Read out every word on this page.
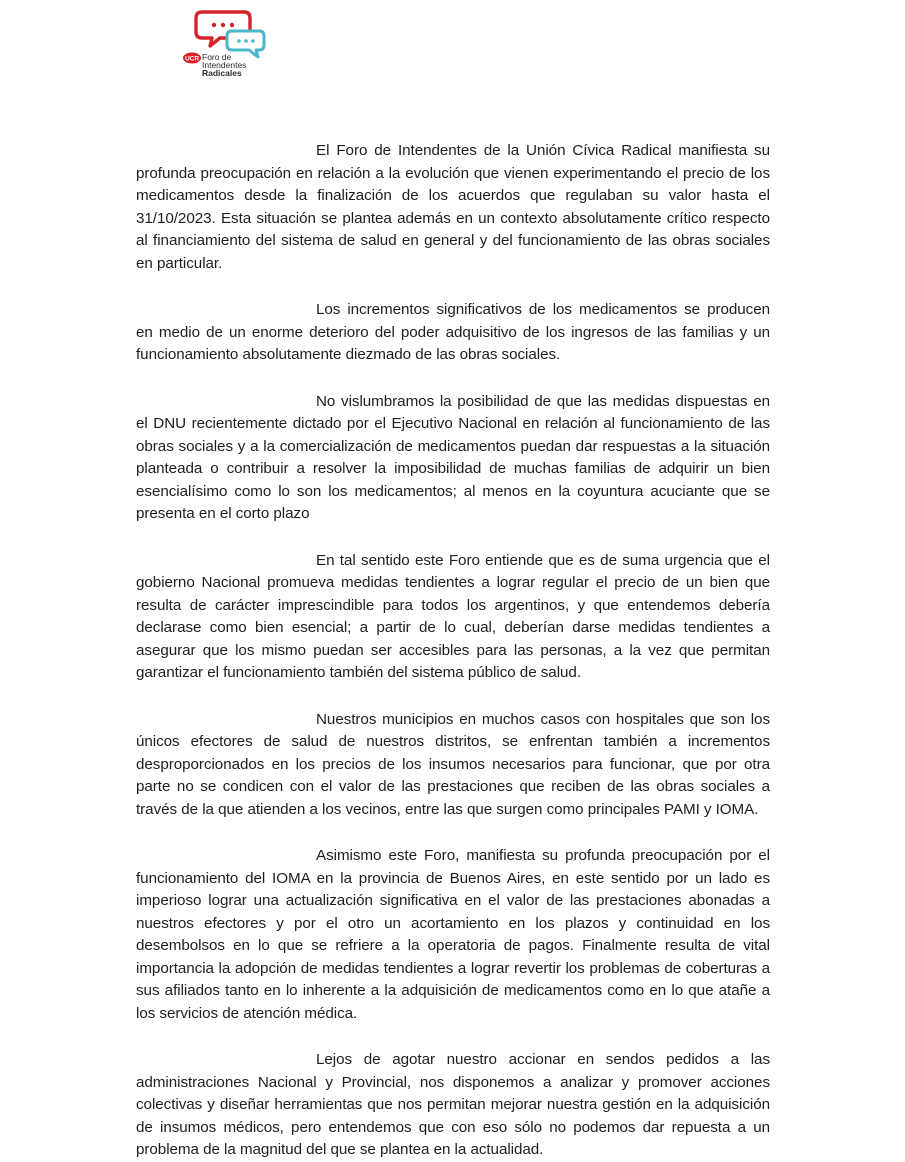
UCR Foro de
Intendentes
Radicales

El Foro de Intendentes de la Unión Cívica Radical manifiesta su profunda preocupación en relación a la evolución que vienen experimentando el precio de los medicamentos desde la finalización de los acuerdos que regulaban su valor hasta el 31/10/2023. Esta situación se plantea además en un contexto absolutamente crítico respecto al financiamiento del sistema de salud en general y del funcionamiento de las obras sociales en particular.

Los incrementos significativos de los medicamentos se producen en medio de un enorme deterioro del poder adquisitivo de los ingresos de las familias y un funcionamiento absolutamente diezmado de las obras sociales.

No vislumbramos la posibilidad de que las medidas dispuestas en el DNU recientemente dictado por el Ejecutivo Nacional en relación al funcionamiento de las obras sociales y a la comercialización de medicamentos puedan dar respuestas a la situación planteada o contribuir a resolver la imposibilidad de muchas familias de adquirir un bien esencialísimo como lo son los medicamentos; al menos en la coyuntura acuciante que se presenta en el corto plazo

En tal sentido este Foro entiende que es de suma urgencia que el gobierno Nacional promueva medidas tendientes a lograr regular el precio de un bien que resulta de carácter imprescindible para todos los argentinos, y que entendemos debería declarase como bien esencial; a partir de lo cual, deberían darse medidas tendientes a asegurar que los mismo puedan ser accesibles para las personas, a la vez que permitan garantizar el funcionamiento también del sistema público de salud.

Nuestros municipios en muchos casos con hospitales que son los únicos efectores de salud de nuestros distritos, se enfrentan también a incrementos desproporcionados en los precios de los insumos necesarios para funcionar, que por otra parte no se condicen con el valor de las prestaciones que reciben de las obras sociales a través de la que atienden a los vecinos, entre las que surgen como principales PAMI y IOMA.

Asimismo este Foro, manifiesta su profunda preocupación por el funcionamiento del IOMA en la provincia de Buenos Aires, en este sentido por un lado es imperioso lograr una actualización significativa en el valor de las prestaciones abonadas a nuestros efectores y por el otro un acortamiento en los plazos y continuidad en los desembolsos en lo que se refriere a la operatoria de pagos. Finalmente resulta de vital importancia la adopción de medidas tendientes a lograr revertir los problemas de coberturas a sus afiliados tanto en lo inherente a la adquisición de medicamentos como en lo que atañe a los servicios de atención médica.

Lejos de agotar nuestro accionar en sendos pedidos a las administraciones Nacional y Provincial, nos disponemos a analizar y promover acciones colectivas y diseñar herramientas que nos permitan mejorar nuestra gestión en la adquisición de insumos médicos, pero entendemos que con eso sólo no podemos dar repuesta a un problema de la magnitud del que se plantea en la actualidad.
